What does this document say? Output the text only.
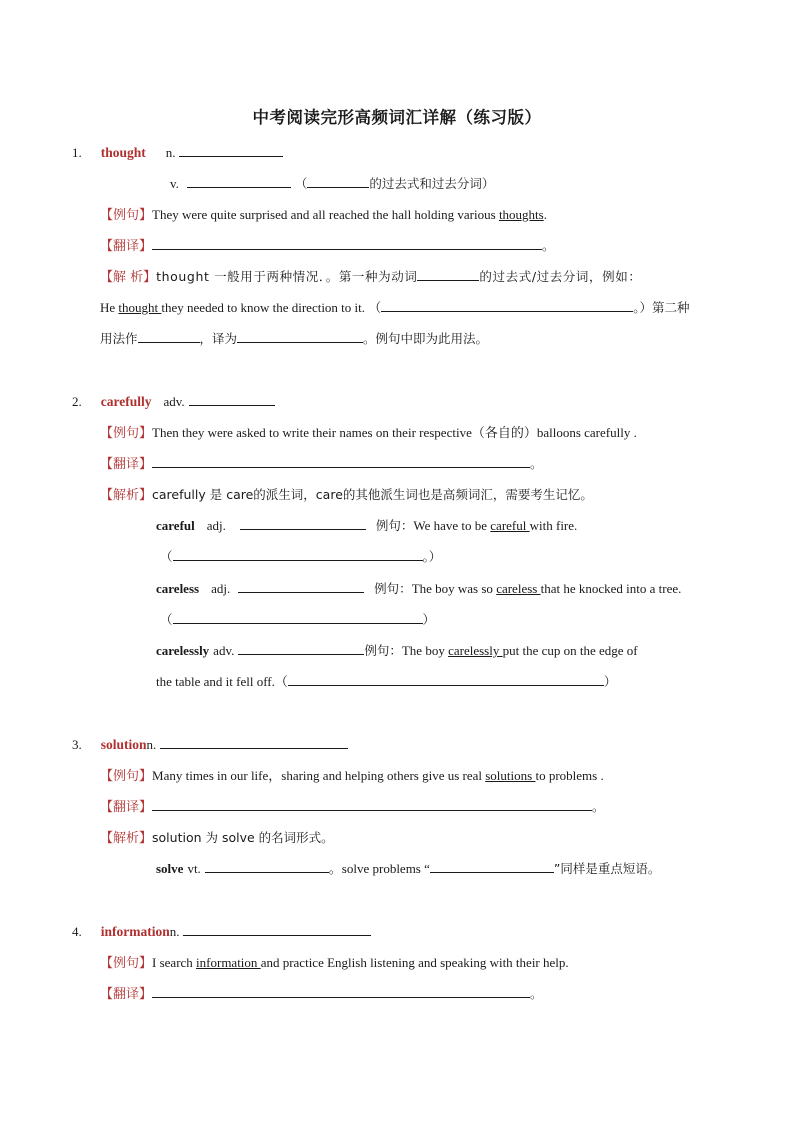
中考阅读完形高频词汇详解（练习版）
1. thought n.
v.	（	的过去式和过去分词）
【例句】They were quite surprised and all reached the hall holding various thoughts.
【翻译】	。
【解 析】thought 一般用于两种情况．。第一种为动词	的过去式/过去分词，例如：
He thought they needed to know the direction to it. （	。）第二种
用法作	，译为	。例句中即为此用法。
2. carefully adv.
【例句】Then they were asked to write their names on their respective（各自的）balloons carefully .
【翻译】	。
【解析】carefully 是 care的派生词，care的其他派生词也是高频词汇，需要考生记忆。
careful adj.	例句：We have to be careful with fire.
（	。）
careless adj.	例句：The boy was so careless that he knocked into a tree.
（	）
carelessly adv.	例句：The boy carelessly put the cup on the edge of
the table and it fell off.（	）
3. solutionn.
【例句】Many times in our life，sharing and helping others give us real solutions to problems .
【翻译】	。
【解析】solution 为 solve 的名词形式。
solve vt.	。solve problems “	”同样是重点短语。
4. informationn.
【例句】I search information and practice English listening and speaking with their help.
【翻译】	。
